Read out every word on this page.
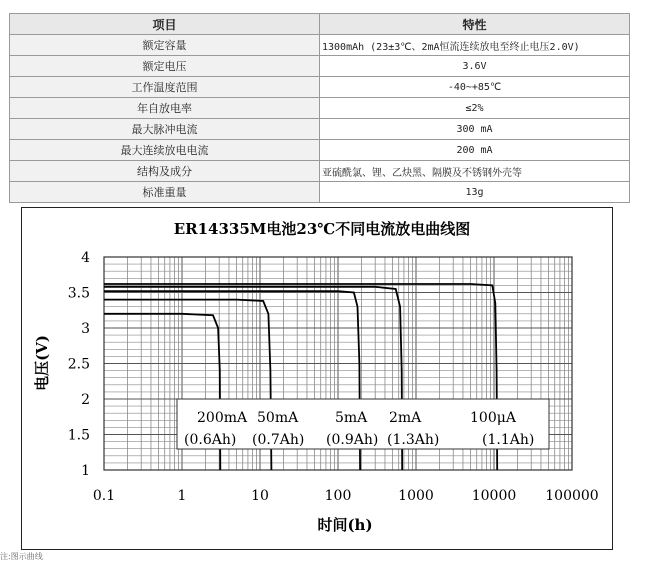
项目	特性
额定容量	1300mAh (23±3℃、2mA恒流连续放电至终止电压2.0V)
额定电压	3.6V
工作温度范围	-40~+85℃
年自放电率	≤2%
最大脉冲电流	300 mA
最大连续放电电流	200 mA
结构及成分	亚硫酰氯、锂、乙炔黑、隔膜及不锈钢外壳等
标准重量	13g
ER14335M电池23℃不同电流放电曲线图
1
1.5
2
2.5
3
3.5
4
0.1	1	10	100	1000	10000 100000
电压(V)
时间(h)
200mA
(0.6Ah)
50mA
(0.7Ah)
5mA
(0.9Ah)
2mA
(1.3Ah)
100μA
(1.1Ah)
注:图示曲线
